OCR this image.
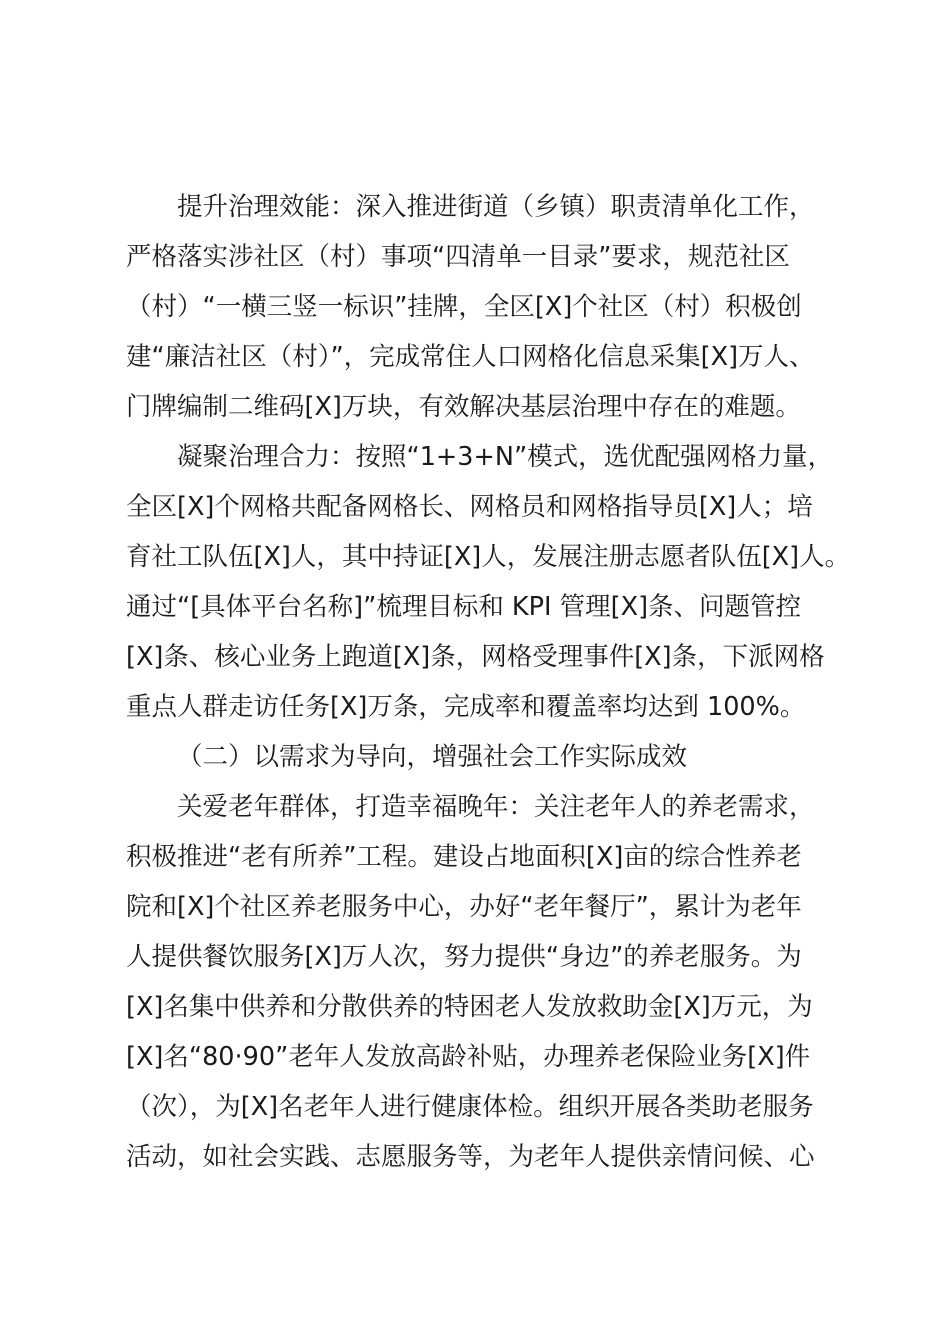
提升治理效能：深入推进街道（乡镇）职责清单化工作，
严格落实涉社区（村）事项“四清单一目录”要求，规范社区
（村）“一横三竖一标识”挂牌，全区[X]个社区（村）积极创
建“廉洁社区（村）”，完成常住人口网格化信息采集[X]万人、
门牌编制二维码[X]万块，有效解决基层治理中存在的难题。
凝聚治理合力：按照“1+3+N”模式，选优配强网格力量，
全区[X]个网格共配备网格长、网格员和网格指导员[X]人；培
育社工队伍[X]人，其中持证[X]人，发展注册志愿者队伍[X]人。
通过“[具体平台名称]”梳理目标和 KPI 管理[X]条、问题管控
[X]条、核心业务上跑道[X]条，网格受理事件[X]条，下派网格
重点人群走访任务[X]万条，完成率和覆盖率均达到 100%。
（二）以需求为导向，增强社会工作实际成效
关爱老年群体，打造幸福晚年：关注老年人的养老需求，
积极推进“老有所养”工程。建设占地面积[X]亩的综合性养老
院和[X]个社区养老服务中心，办好“老年餐厅”，累计为老年
人提供餐饮服务[X]万人次，努力提供“身边”的养老服务。为
[X]名集中供养和分散供养的特困老人发放救助金[X]万元，为
[X]名“80·90”老年人发放高龄补贴，办理养老保险业务[X]件
（次），为[X]名老年人进行健康体检。组织开展各类助老服务
活动，如社会实践、志愿服务等，为老年人提供亲情问候、心
